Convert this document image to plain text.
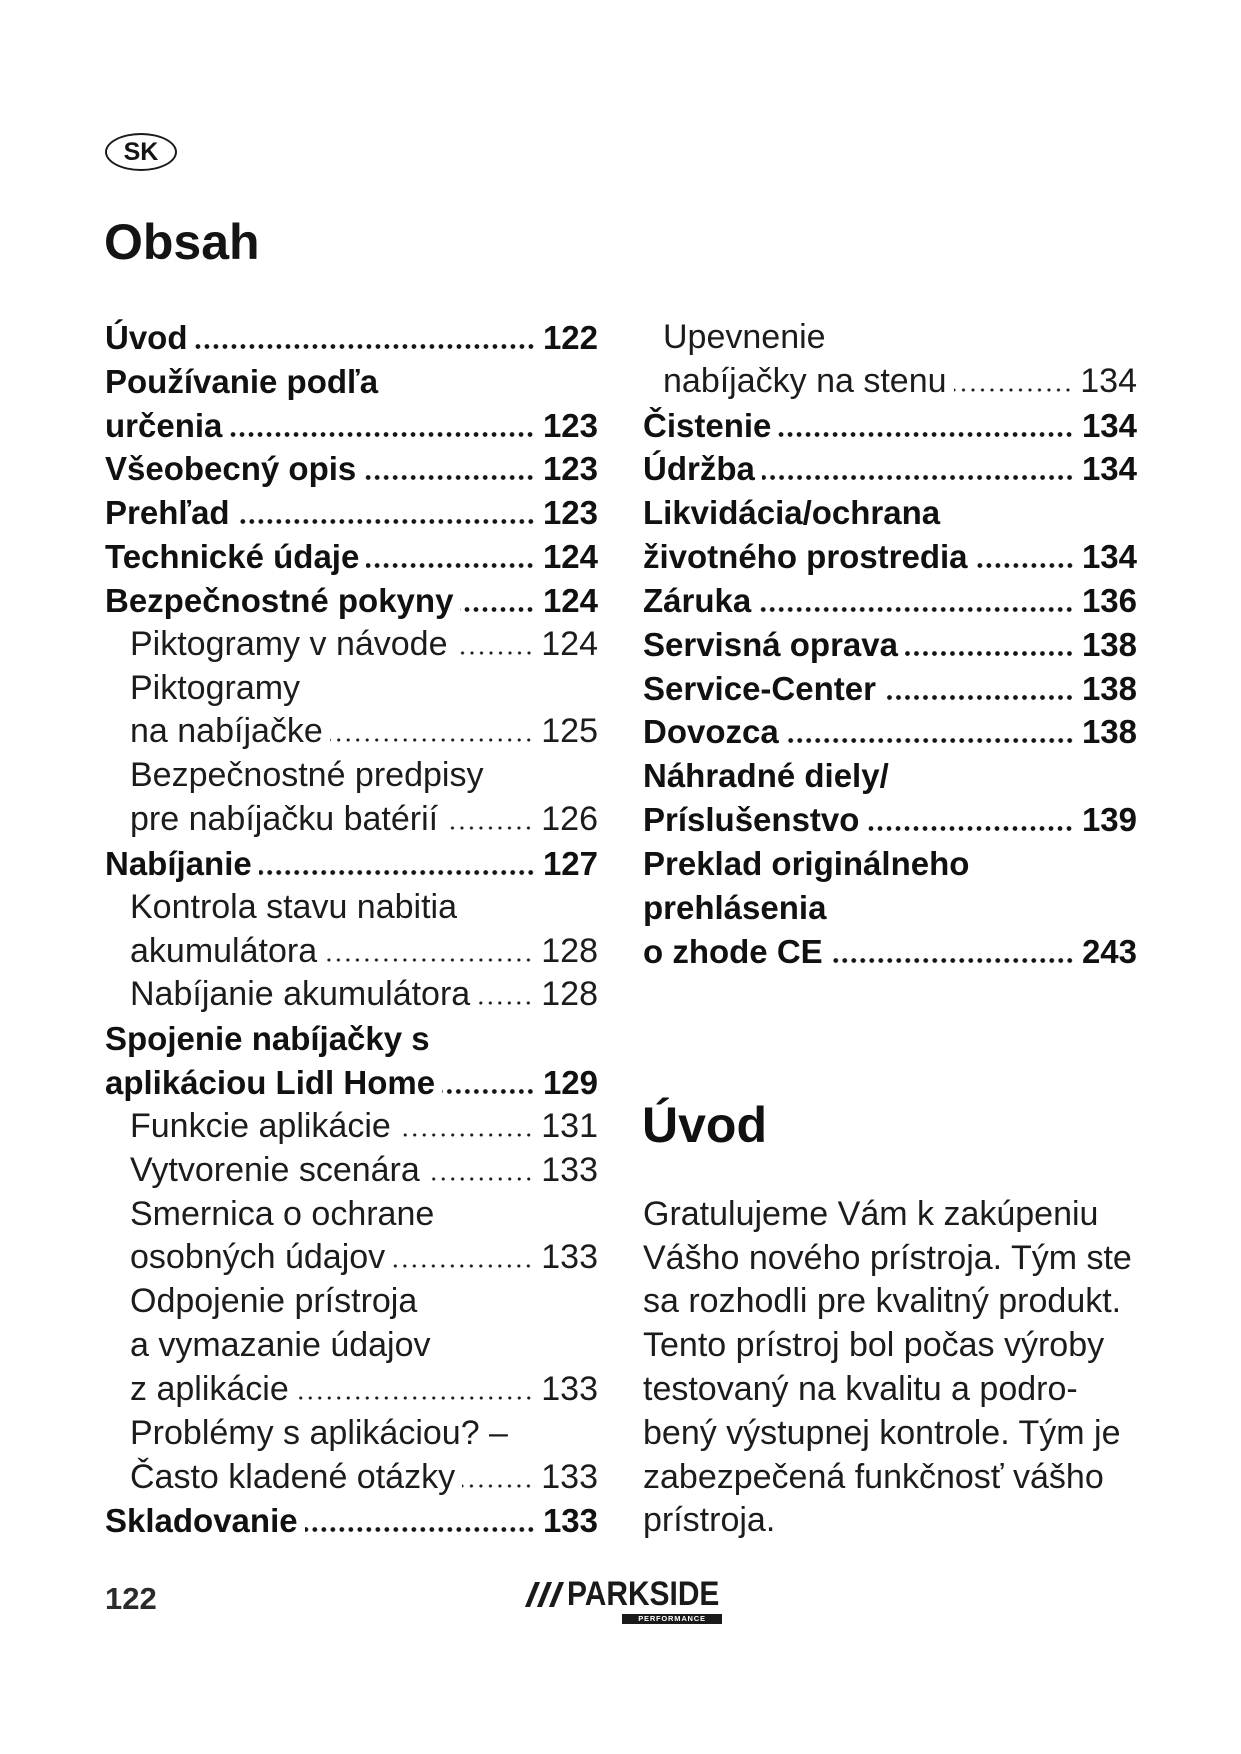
SK
Obsah
Úvod	122
Používanie podľa
určenia	123
Všeobecný opis	123
Prehľad	123
Technické údaje	124
Bezpečnostné pokyny	124
Piktogramy v návode	124
Piktogramy
na nabíjačke	125
Bezpečnostné predpisy
pre nabíjačku batérií	126
Nabíjanie	127
Kontrola stavu nabitia
akumulátora	128
Nabíjanie akumulátora 128
Spojenie nabíjačky s
aplikáciou Lidl Home	129
Funkcie aplikácie	131
Vytvorenie scenára	133
Smernica o ochrane
osobných údajov	133
Odpojenie prístroja
a vymazanie údajov
z aplikácie	133
Problémy s aplikáciou? –
Často kladené otázky	133
Skladovanie	133
Upevnenie
nabíjačky na stenu	134
Čistenie	134
Údržba	134
Likvidácia/ochrana
životného prostredia	134
Záruka	136
Servisná oprava	138
Service-Center	138
Dovozca	138
Náhradné diely/
Príslušenstvo	139
Preklad originálneho
prehlásenia
o zhode CE	243
Úvod
Gratulujeme Vám k zakúpeniu
Vášho nového prístroja. Tým ste
sa rozhodli pre kvalitný produkt.
Tento prístroj bol počas výroby
testovaný na kvalitu a podro-
bený výstupnej kontrole. Tým je
zabezpečená funkčnosť vášho
prístroja.
122	PARKSIDE
PERFORMANCE
